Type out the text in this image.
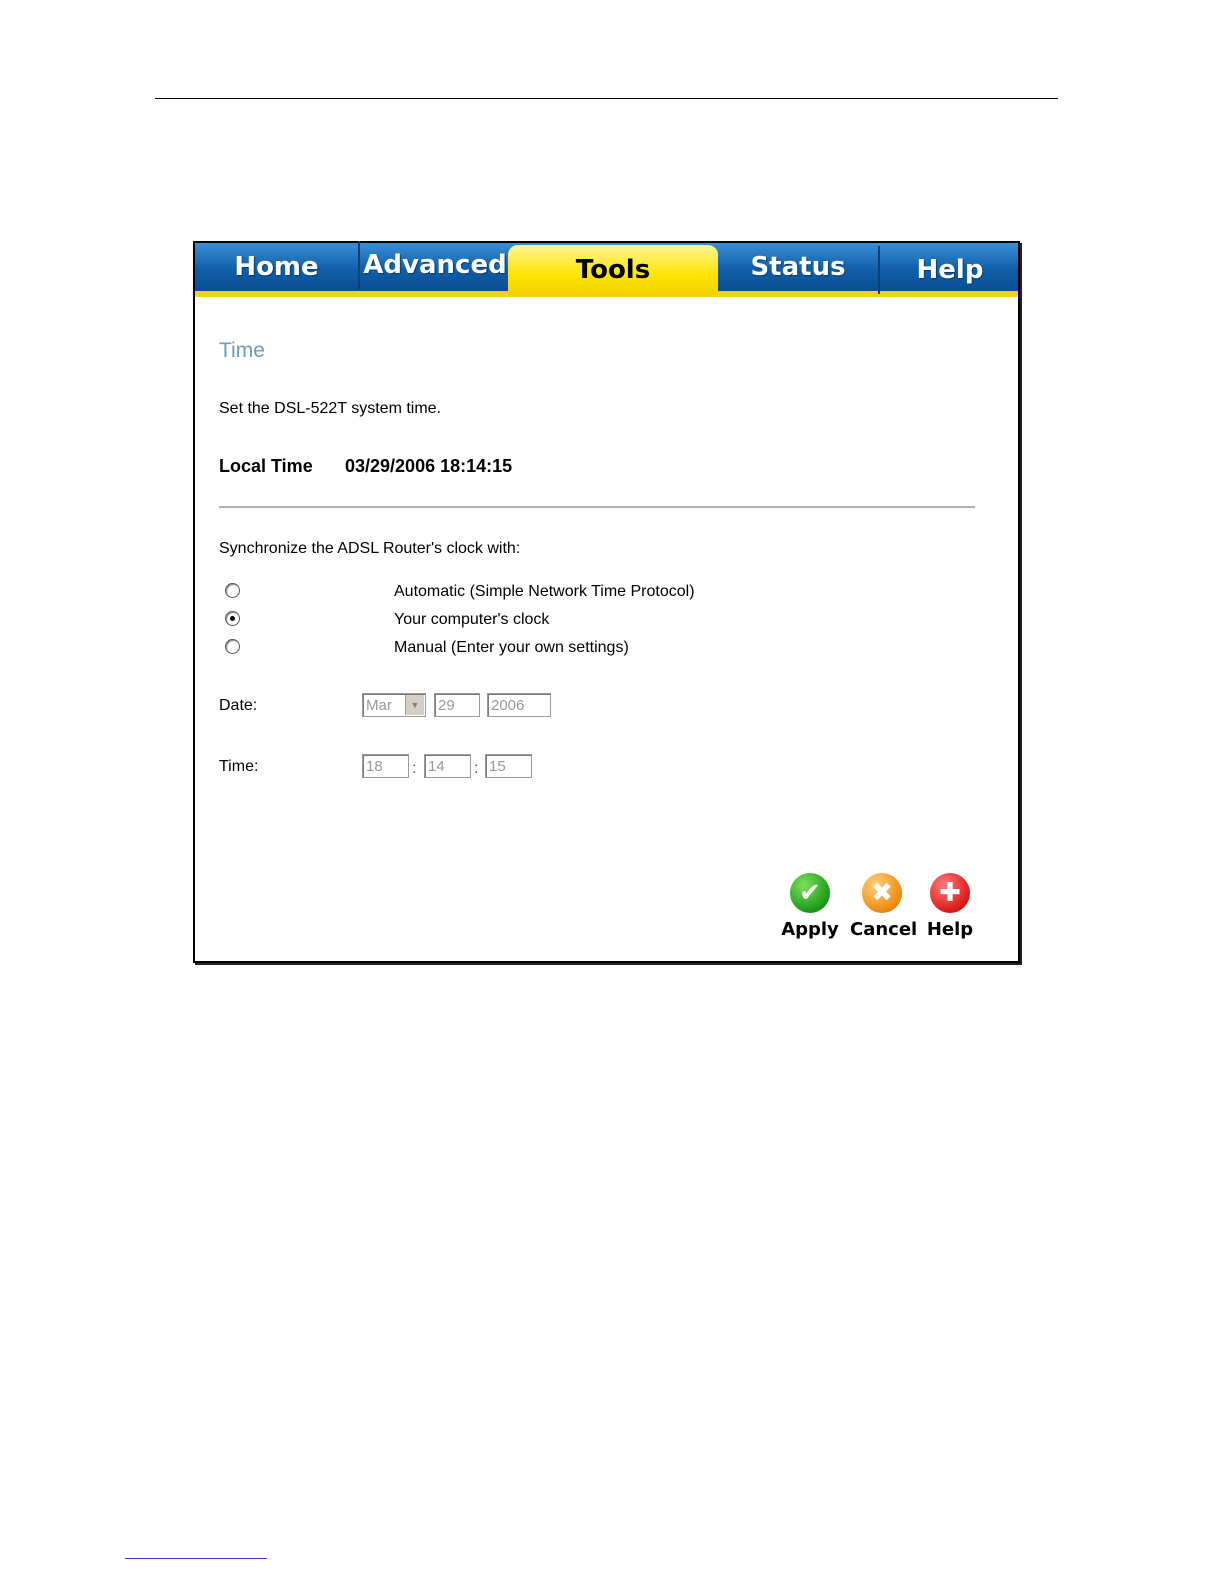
Home	Advanced	Tools	Status	Help
Time
Set the DSL-522T system time.
Local Time 03/29/2006 18:14:15
Synchronize the ADSL Router's clock with:
Automatic (Simple Network Time Protocol)
Your computer's clock
Manual (Enter your own settings)
Date:	Mar	▼	29	2006
Time:	18	: 14	: 15
✔
Apply
✖
Cancel
✚
Help
